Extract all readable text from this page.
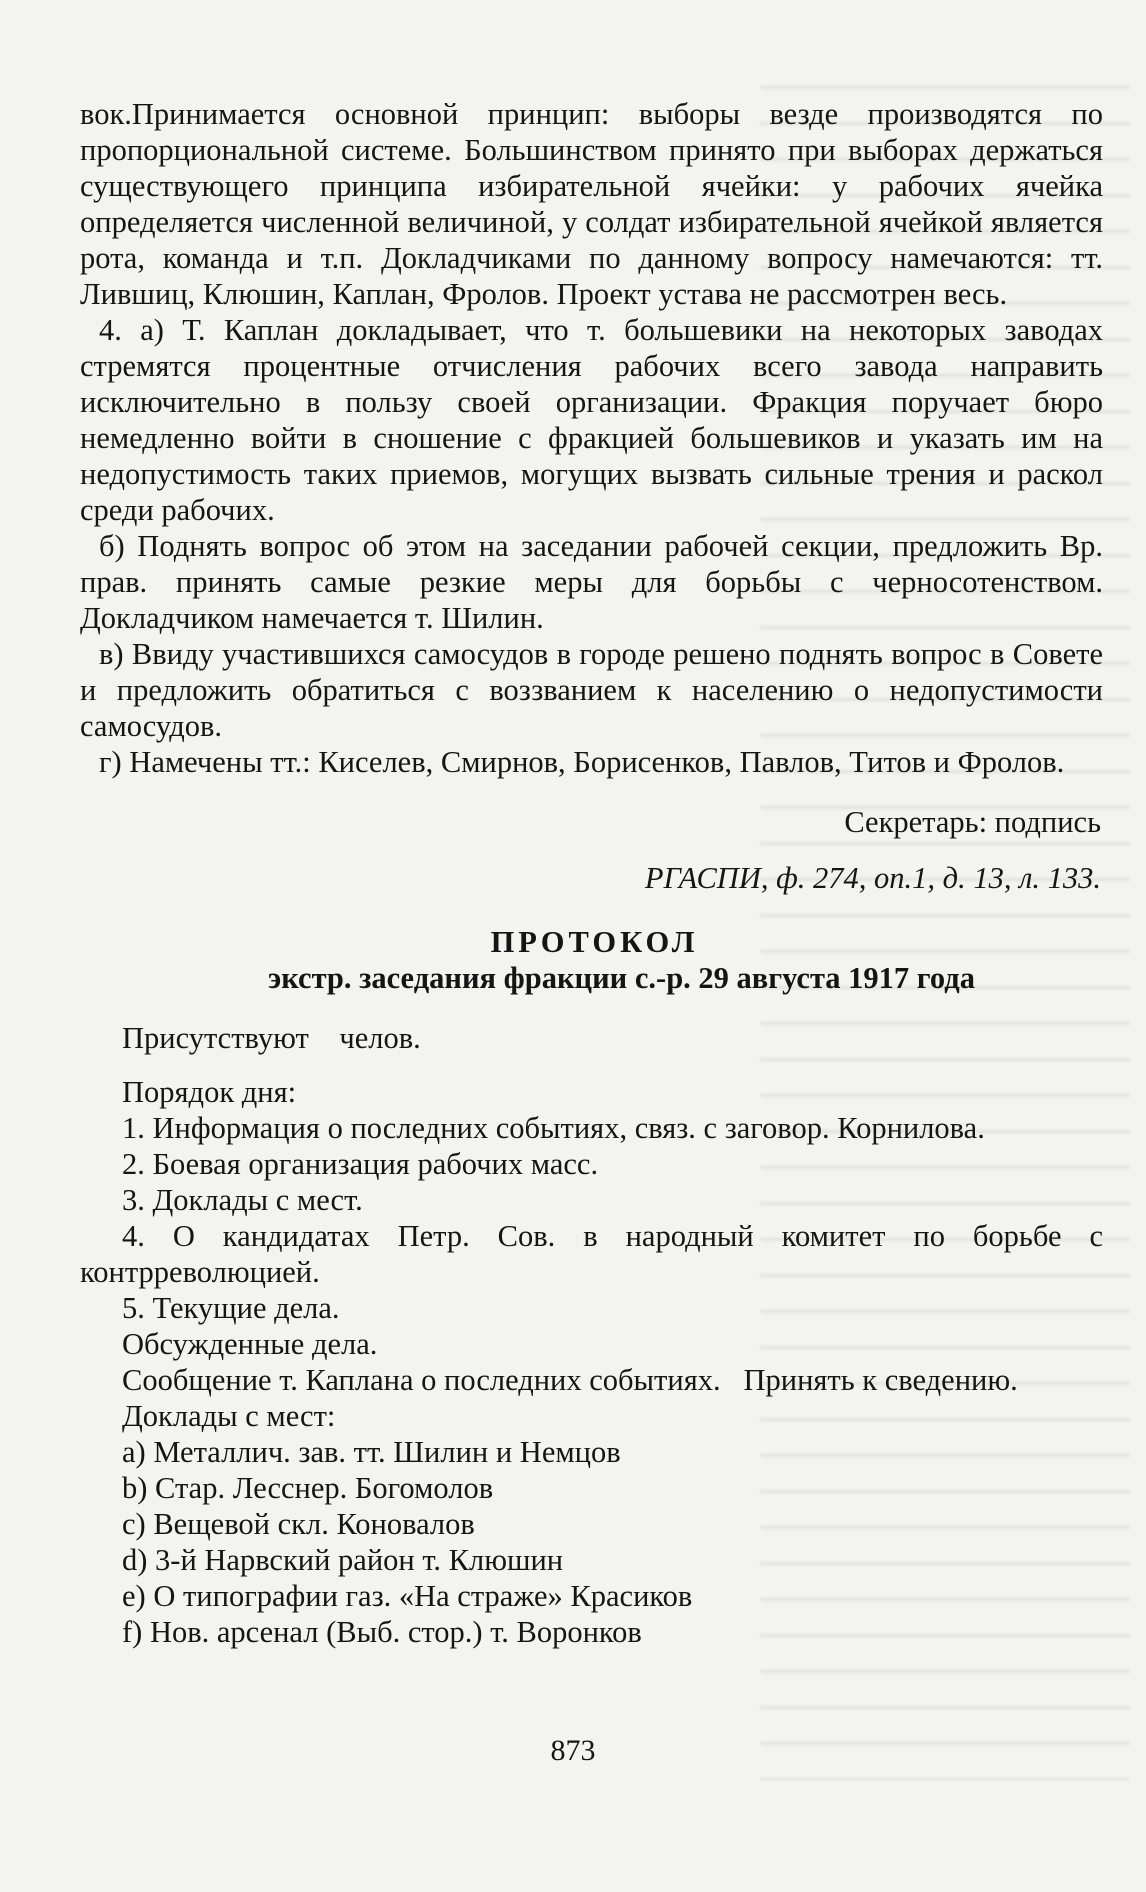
вок.Принимается основной принцип: выборы везде производятся по пропорциональной системе. Большинством принято при выборах держаться существующего принципа избирательной ячейки: у рабочих ячейка определяется численной величиной, у солдат избирательной ячейкой является рота, команда и т.п. Докладчиками по данному вопросу намечаются: тт. Лившиц, Клюшин, Каплан, Фролов. Проект устава не рассмотрен весь.

4. а) Т. Каплан докладывает, что т. большевики на некоторых заводах стремятся процентные отчисления рабочих всего завода направить исключительно в пользу своей организации. Фракция поручает бюро немедленно войти в сношение с фракцией большевиков и указать им на недопустимость таких приемов, могущих вызвать сильные трения и раскол среди рабочих.

б) Поднять вопрос об этом на заседании рабочей секции, предложить Вр. прав. принять самые резкие меры для борьбы с черносотенством. Докладчиком намечается т. Шилин.

в) Ввиду участившихся самосудов в городе решено поднять вопрос в Совете и предложить обратиться с воззванием к населению о недопустимости самосудов.

г) Намечены тт.: Киселев, Смирнов, Борисенков, Павлов, Титов и Фролов.

Секретарь: подпись

РГАСПИ, ф. 274, оп.1, д. 13, л. 133.

ПРОТОКОЛ

экстр. заседания фракции с.-р. 29 августа 1917 года

Присутствуют    челов.

Порядок дня:

1. Информация о последних событиях, связ. с заговор. Корнилова.

2. Боевая организация рабочих масс.

3. Доклады с мест.

4. О кандидатах Петр. Сов. в народный комитет по борьбе с контрреволюцией.

5. Текущие дела.

Обсужденные дела.

Сообщение т. Каплана о последних событиях.   Принять к сведению.

Доклады с мест:

a) Металлич. зав. тт. Шилин и Немцов

b) Стар. Лесснер. Богомолов

c) Вещевой скл. Коновалов

d) 3-й Нарвский район т. Клюшин

e) О типографии газ. «На страже» Красиков

f) Нов. арсенал (Выб. стор.) т. Воронков

873
